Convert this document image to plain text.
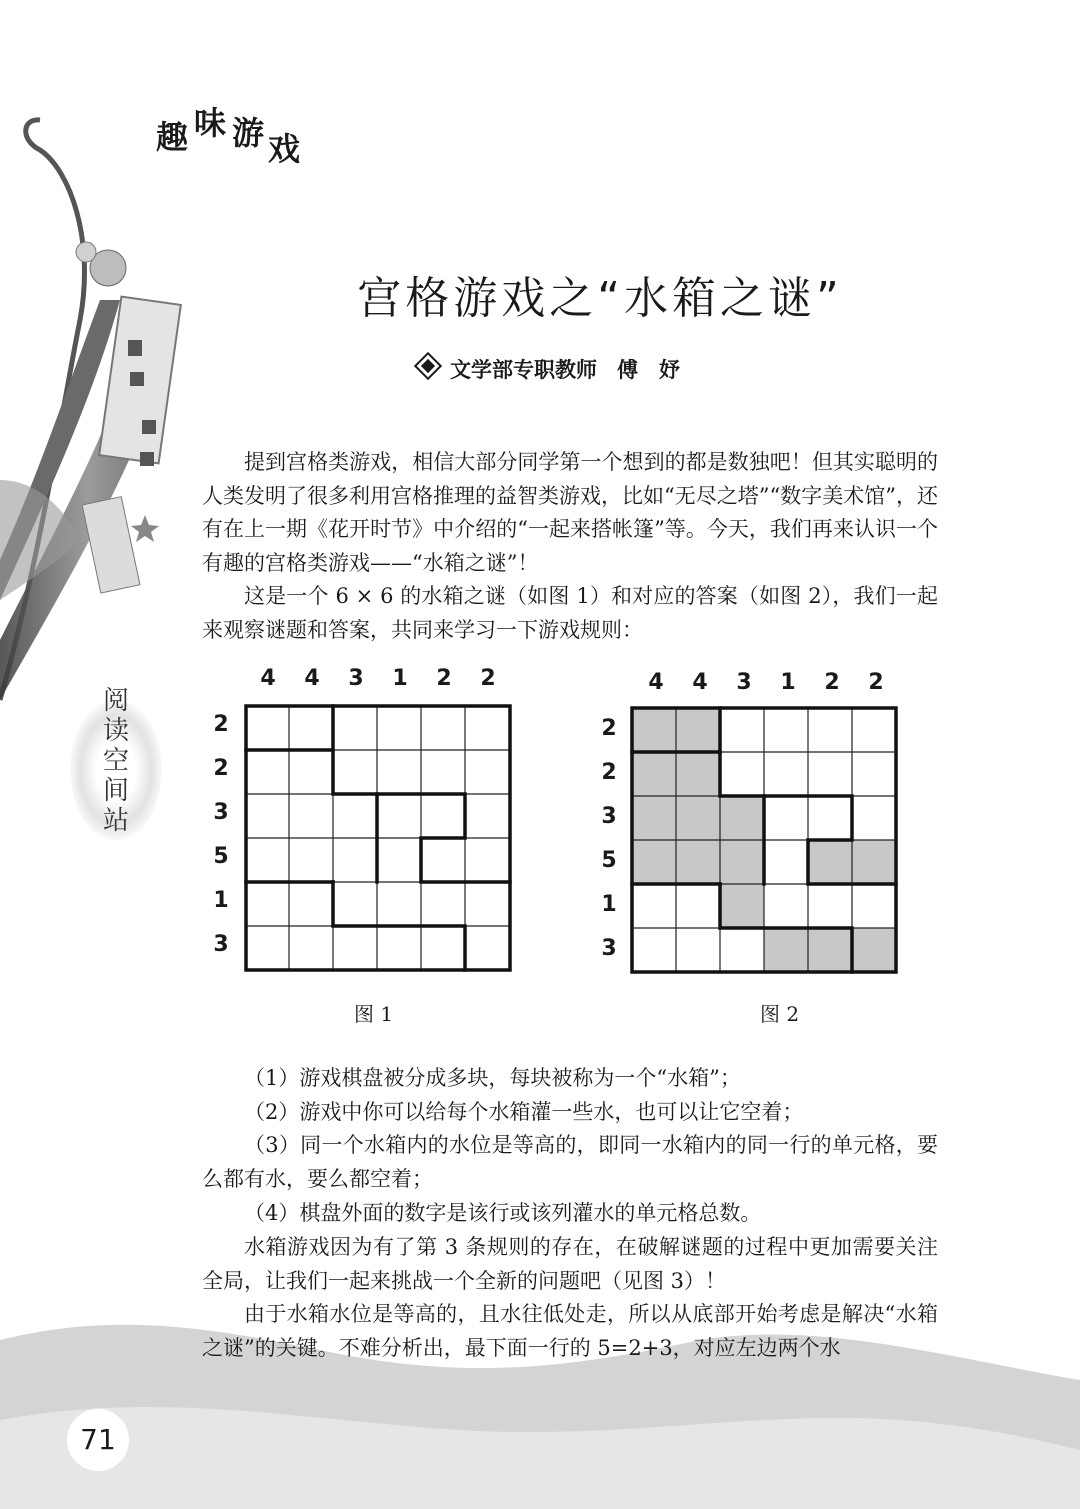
趣 味 游戏
阅
读
空
间
站
宫格游戏之“水箱之谜”
文学部专职教师 傅　妤
提到宫格类游戏，相信大部分同学第一个想到的都是数独吧！但其实聪明的人类发明了很多利用宫格推理的益智类游戏，比如“无尽之塔”“数字美术馆”，还有在上一期《花开时节》中介绍的“一起来搭帐篷”等。今天，我们再来认识一个有趣的宫格类游戏——“水箱之谜”！
这是一个 6 × 6 的水箱之谜（如图 1）和对应的答案（如图 2），我们一起来观察谜题和答案，共同来学习一下游戏规则：
4	4	3	1	2	2
2
2
3
5
1
3
图 1
4	4	3	1	2	2
2
2
3
5
1
3
图 2
（1）游戏棋盘被分成多块，每块被称为一个“水箱”；
（2）游戏中你可以给每个水箱灌一些水，也可以让它空着；
（3）同一个水箱内的水位是等高的，即同一水箱内的同一行的单元格，要么都有水，要么都空着；
（4）棋盘外面的数字是该行或该列灌水的单元格总数。
水箱游戏因为有了第 3 条规则的存在，在破解谜题的过程中更加需要关注全局，让我们一起来挑战一个全新的问题吧（见图 3）！
由于水箱水位是等高的，且水往低处走，所以从底部开始考虑是解决“水箱之谜”的关键。不难分析出，最下面一行的 5=2+3，对应左边两个水
71
